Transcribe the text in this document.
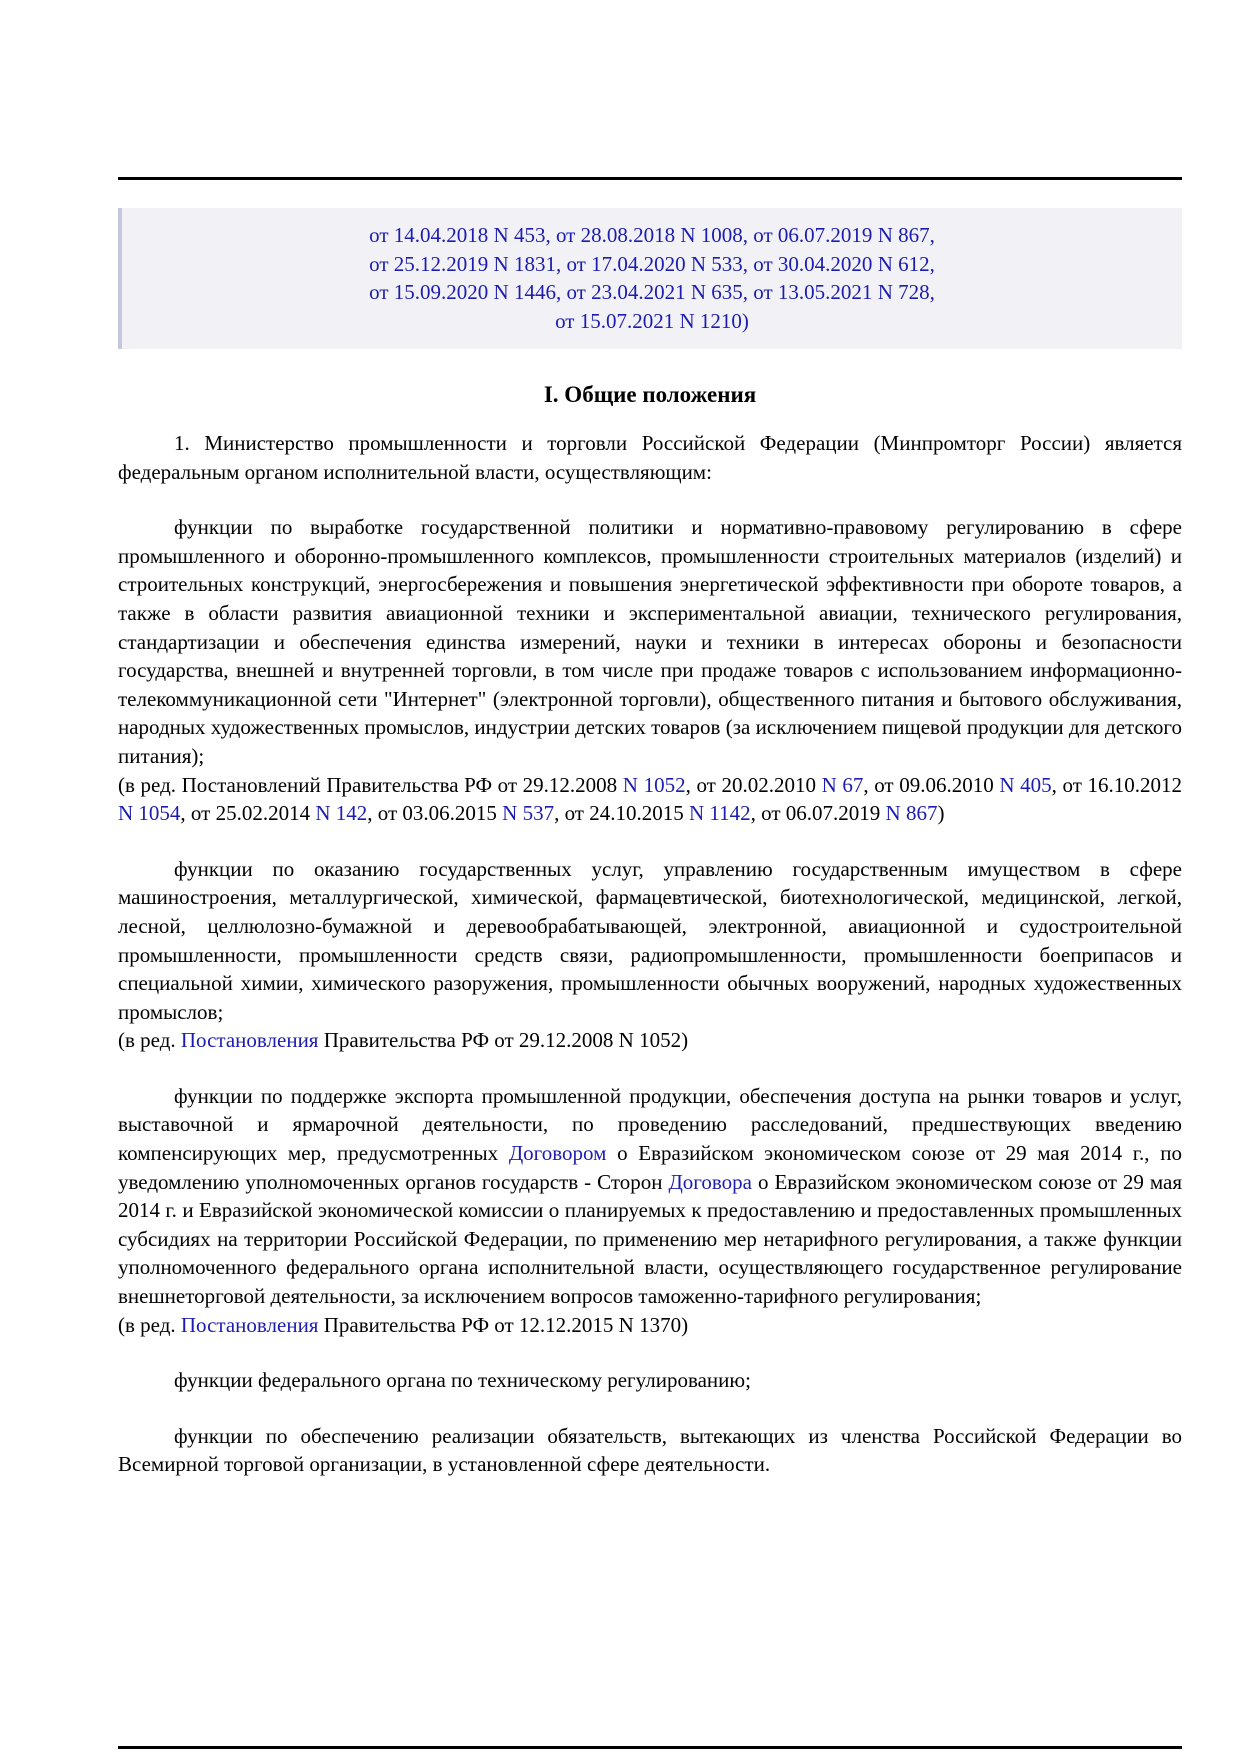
от 14.04.2018 N 453, от 28.08.2018 N 1008, от 06.07.2019 N 867,
от 25.12.2019 N 1831, от 17.04.2020 N 533, от 30.04.2020 N 612,
от 15.09.2020 N 1446, от 23.04.2021 N 635, от 13.05.2021 N 728,
от 15.07.2021 N 1210)
I. Общие положения
1. Министерство промышленности и торговли Российской Федерации (Минпромторг России) является федеральным органом исполнительной власти, осуществляющим:
функции по выработке государственной политики и нормативно-правовому регулированию в сфере промышленного и оборонно-промышленного комплексов, промышленности строительных материалов (изделий) и строительных конструкций, энергосбережения и повышения энергетической эффективности при обороте товаров, а также в области развития авиационной техники и экспериментальной авиации, технического регулирования, стандартизации и обеспечения единства измерений, науки и техники в интересах обороны и безопасности государства, внешней и внутренней торговли, в том числе при продаже товаров с использованием информационно-телекоммуникационной сети "Интернет" (электронной торговли), общественного питания и бытового обслуживания, народных художественных промыслов, индустрии детских товаров (за исключением пищевой продукции для детского питания);
(в ред. Постановлений Правительства РФ от 29.12.2008 N 1052, от 20.02.2010 N 67, от 09.06.2010 N 405, от 16.10.2012 N 1054, от 25.02.2014 N 142, от 03.06.2015 N 537, от 24.10.2015 N 1142, от 06.07.2019 N 867)
функции по оказанию государственных услуг, управлению государственным имуществом в сфере машиностроения, металлургической, химической, фармацевтической, биотехнологической, медицинской, легкой, лесной, целлюлозно-бумажной и деревообрабатывающей, электронной, авиационной и судостроительной промышленности, промышленности средств связи, радиопромышленности, промышленности боеприпасов и специальной химии, химического разоружения, промышленности обычных вооружений, народных художественных промыслов;
(в ред. Постановления Правительства РФ от 29.12.2008 N 1052)
функции по поддержке экспорта промышленной продукции, обеспечения доступа на рынки товаров и услуг, выставочной и ярмарочной деятельности, по проведению расследований, предшествующих введению компенсирующих мер, предусмотренных Договором о Евразийском экономическом союзе от 29 мая 2014 г., по уведомлению уполномоченных органов государств - Сторон Договора о Евразийском экономическом союзе от 29 мая 2014 г. и Евразийской экономической комиссии о планируемых к предоставлению и предоставленных промышленных субсидиях на территории Российской Федерации, по применению мер нетарифного регулирования, а также функции уполномоченного федерального органа исполнительной власти, осуществляющего государственное регулирование внешнеторговой деятельности, за исключением вопросов таможенно-тарифного регулирования;
(в ред. Постановления Правительства РФ от 12.12.2015 N 1370)
функции федерального органа по техническому регулированию;
функции по обеспечению реализации обязательств, вытекающих из членства Российской Федерации во Всемирной торговой организации, в установленной сфере деятельности.
